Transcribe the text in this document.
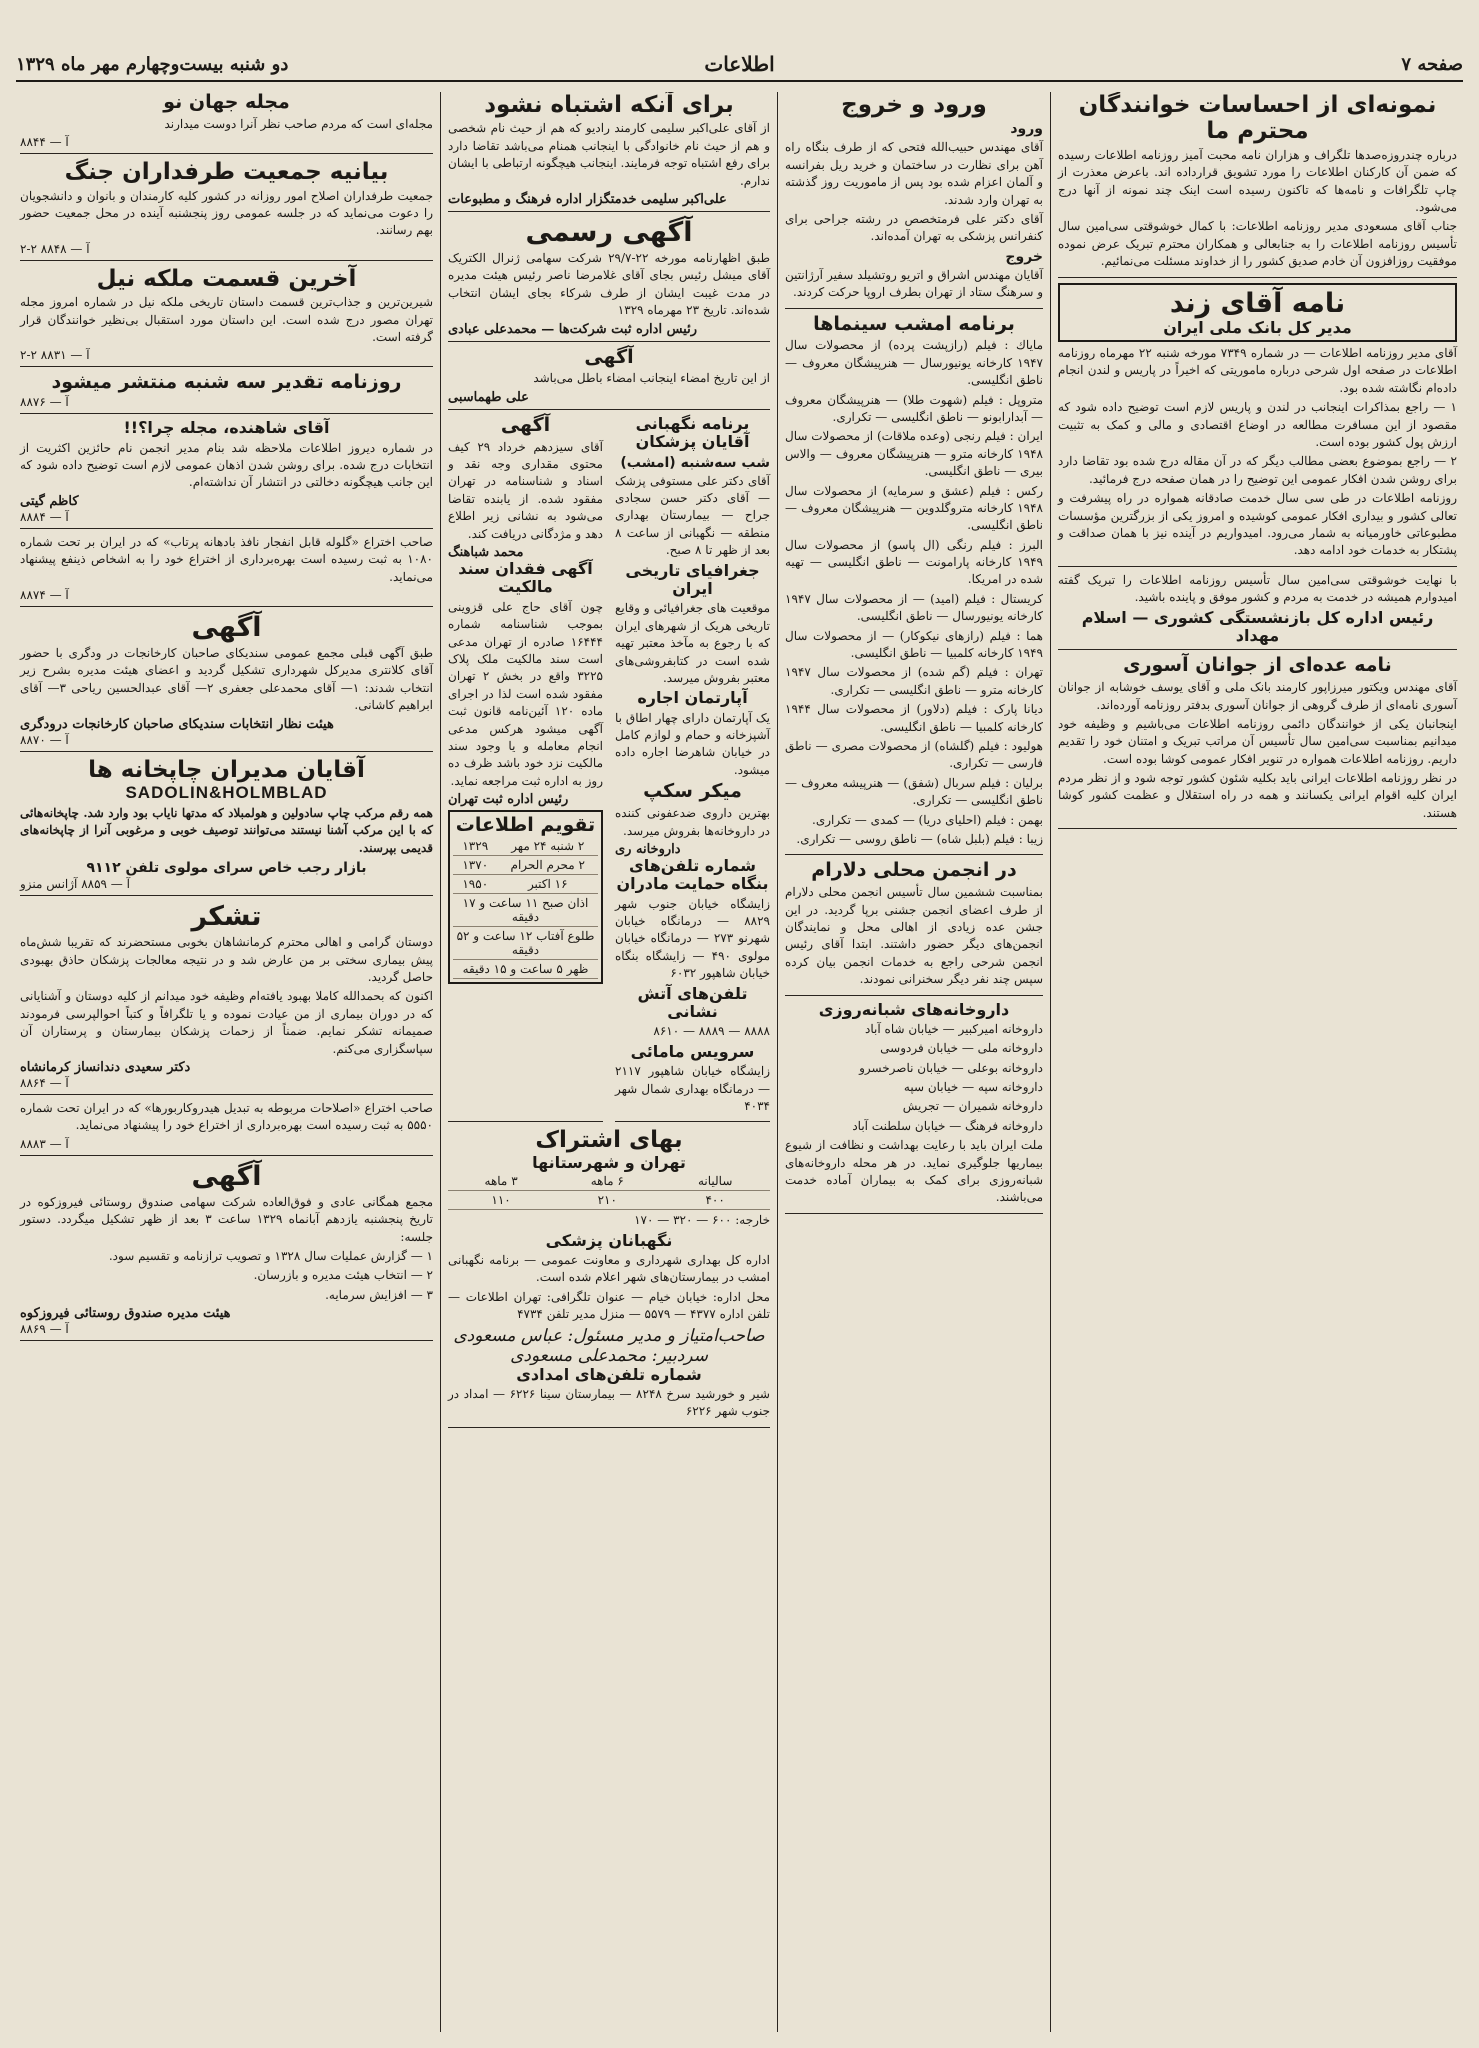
صفحه ۷
اطلاعات
دو شنبه بیست‌وچهارم مهر ماه ۱۳۲۹
نمونه‌ای از احساسات خوانندگان محترم ما
درباره چندروز‌ه‌صد‌ها تلگراف و هزاران نامه محبت آمیز روزنامه اطلاعات رسیده که ضمن آن کارکنان اطلاعات را مورد تشویق قرارداده اند. باعرض معذرت از چاپ تلگرافات و نامه‌ها که تاکنون رسیده است اینک چند نمونه از آنها درج می‌شود.
جناب آقای مسعودی مدیر روزنامه اطلاعات: با کمال خوشوقتی سی‌امین سال تأسیس روزنامه اطلاعات را به جنابعالی و همکاران محترم تبریک عرض نموده موفقیت روزافزون آن خادم صدیق کشور را از خداوند مسئلت می‌نمائیم.
نامه آقای زند
مدیر کل بانک ملی ایران
آقای مدیر روزنامه اطلاعات — در شماره ۷۳۴۹ مورخه شنبه ۲۲ مهرماه روزنامه اطلاعات در صفحه اول شرحی درباره ماموریتی که اخیراً در پاریس و لندن انجام داده‌ام نگاشته شده بود.
۱ — راجع بمذاکرات اینجانب در لندن و پاریس لازم است توضیح داده شود که مقصود از این مسافرت مطالعه در اوضاع اقتصادی و مالی و کمک به تثبیت ارزش پول کشور بوده است.
۲ — راجع بموضوع بعضی مطالب دیگر که در آن مقاله درج شده بود تقاضا دارد برای روشن شدن افکار عمومی این توضیح را در همان صفحه درج فرمائید.
روزنامه اطلاعات در طی سی سال خدمت صادقانه همواره در راه پیشرفت و تعالی کشور و بیداری افکار عمومی کوشیده و امروز یکی از بزرگترین مؤسسات مطبوعاتی خاورمیانه به شمار می‌رود. امیدواریم در آینده نیز با همان صداقت و پشتکار به خدمات خود ادامه دهد.
با نهایت خوشوقتی سی‌امین سال تأسیس روزنامه اطلاعات را تبریک گفته امیدوارم همیشه در خدمت به مردم و کشور موفق و پاینده باشید.
رئیس اداره کل بازنشستگی کشوری — اسلام مهداد
نامه عده‌ای از جوانان آسوری
آقای مهندس ویکتور میرزاپور کارمند بانک ملی و آقای یوسف خوشابه از جوانان آسوری نامه‌ای از طرف گروهی از جوانان آسوری بدفتر روزنامه آورده‌اند.
اینجانبان یکی از خوانندگان دائمی روزنامه اطلاعات می‌باشیم و وظیفه خود میدانیم بمناسبت سی‌امین سال تأسیس آن مراتب تبریک و امتنان خود را تقدیم داریم. روزنامه اطلاعات همواره در تنویر افکار عمومی کوشا بوده است.
در نظر روزنامه اطلاعات ایرانی باید بکلیه شئون کشور توجه شود و از نظر مردم ایران کلیه اقوام ایرانی یکسانند و همه در راه استقلال و عظمت کشور کوشا هستند.
ورود و خروج
ورود
آقای مهندس حبیب‌الله فتحی که از طرف بنگاه راه آهن برای نظارت در ساختمان و خرید ریل بفرانسه و آلمان اعزام شده بود پس از ماموریت روز گذشته به تهران وارد شدند.
آقای دکتر علی فرمتخصص در رشته جراحی برای کنفرانس پزشکی به تهران آمده‌اند.
خروج
آقایان مهندس اشراق و اتریو روتشیلد سفیر آرژانتین و سرهنگ ستاد از تهران بطرف اروپا حرکت کردند.
برنامه امشب سینماها
ماياك : فیلم (رازپشت پرده) از محصولات سال ۱۹۴۷ کارخانه یونیورسال — هنرپیشگان معروف — ناطق انگلیسی.
متروپل : فیلم (شهوت طلا) — هنرپیشگان معروف — آبدارابونو — ناطق انگلیسی — تکراری.
ایران : فیلم رنجی (وعده ملاقات) از محصولات سال ۱۹۴۸ کارخانه مترو — هنرپیشگان معروف — والاس بیری — ناطق انگلیسی.
رکس : فیلم (عشق و سرمایه) از محصولات سال ۱۹۴۸ کارخانه متروگلدوین — هنرپیشگان معروف — ناطق انگلیسی.
البرز : فیلم رنگی (ال پاسو) از محصولات سال ۱۹۴۹ کارخانه پارامونت — ناطق انگلیسی — تهیه شده در امریکا.
کریستال : فیلم (امید) — از محصولات سال ۱۹۴۷ کارخانه یونیورسال — ناطق انگلیسی.
هما : فیلم (رازهای نیکوکار) — از محصولات سال ۱۹۴۹ کارخانه کلمبیا — ناطق انگلیسی.
تهران : فیلم (گم شده) از محصولات سال ۱۹۴۷ کارخانه مترو — ناطق انگلیسی — تکراری.
دیانا پارک : فیلم (دلاور) از محصولات سال ۱۹۴۴ کارخانه کلمبیا — ناطق انگلیسی.
هولیود : فیلم (گلشاه) از محصولات مصری — ناطق فارسی — تکراری.
برلیان : فیلم سربال (شفق) — هنرپیشه معروف — ناطق انگلیسی — تکراری.
بهمن : فیلم (احلیای دریا) — کمدی — تکراری.
زیبا : فیلم (بلبل شاه) — ناطق روسی — تکراری.
در انجمن محلی دلارام
بمناسبت ششمین سال تأسیس انجمن محلی دلارام از طرف اعضای انجمن جشنی برپا گردید. در این جشن عده زیادی از اهالی محل و نمایندگان انجمن‌های دیگر حضور داشتند. ابتدا آقای رئیس انجمن شرحی راجع به خدمات انجمن بیان کرده سپس چند نفر دیگر سخنرانی نمودند.
داروخانه‌های شبانه‌روزی
داروخانه امیرکبیر — خیابان شاه آباد
داروخانه ملی — خیابان فردوسی
داروخانه بوعلی — خیابان ناصرخسرو
داروخانه سپه — خیابان سپه
داروخانه شمیران — تجریش
داروخانه فرهنگ — خیابان سلطنت آباد
ملت ایران باید با رعایت بهداشت و نظافت از شیوع بیماریها جلوگیری نماید. در هر محله داروخانه‌های شبانه‌روزی برای کمک به بیماران آماده خدمت می‌باشند.
برای آنکه اشتباه نشود
از آقای علی‌اکبر سلیمی کارمند رادیو که هم از حیث نام شخصی و هم از حیث نام خانوادگی با اینجانب همنام می‌باشد تقاضا دارد برای رفع اشتباه توجه فرمایند. اینجانب هیچگونه ارتباطی با ایشان ندارم.
علی‌اکبر سلیمی خدمتگزار اداره فرهنگ و مطبوعات
آگهی رسمی
طبق اظهارنامه مورخه ۲۲-۲۹/۷ شرکت سهامی ژنرال الکتریک آقای میشل رئیس بجای آقای غلامرضا ناصر رئیس هیئت مدیره در مدت غیبت ایشان از طرف شرکاء بجای ایشان انتخاب شده‌اند. تاریخ ۲۳ مهرماه ۱۳۲۹
رئیس اداره ثبت شرکت‌ها — محمدعلی عبادی
آگهی
از این تاریخ امضاء اینجانب امضاء باطل می‌باشد
علی طهماسبی
برنامه نگهبانی آقایان پزشکان
شب سه‌شنبه (امشب)
آقای دکتر علی مستوفی پزشک — آقای دکتر حسن سجادی جراح — بیمارستان بهداری منطقه — نگهبانی از ساعت ۸ بعد از ظهر تا ۸ صبح.
جغرافیای تاریخی ایران
موقعیت های جغرافیائی و وقایع تاریخی هریک از شهرهای ایران که با رجوع به مآخذ معتبر تهیه شده است در کتابفروشی‌های معتبر بفروش میرسد.
آپارتمان اجاره
یک آپارتمان دارای چهار اطاق با آشپزخانه و حمام و لوازم کامل در خیابان شاهرضا اجاره داده میشود.
میکر سکپ
بهترین داروی ضدعفونی کننده در داروخانه‌ها بفروش میرسد.
داروخانه ری
شماره تلفن‌های بنگاه حمایت مادران
زایشگاه خیابان جنوب شهر ۸۸۲۹ — درمانگاه خیابان شهرنو ۲۷۳ — درمانگاه خیابان مولوی ۴۹۰ — زایشگاه بنگاه خیابان شاهپور ۶۰۳۲
تلفن‌های آتش نشانی
۸۸۸۸ — ۸۸۸۹ — ۸۶۱۰
سرویس مامائی
زایشگاه خیابان شاهپور ۲۱۱۷ — درمانگاه بهداری شمال شهر ۴۰۳۴
آگهی
آقای سیزدهم خرداد ۲۹ کیف محتوی مقداری وجه نقد و اسناد و شناسنامه در تهران مفقود شده. از یابنده تقاضا می‌شود به نشانی زیر اطلاع دهد و مژدگانی دریافت کند.
محمد شباهنگ
آگهی فقدان سند مالکیت
چون آقای حاج علی قزوینی بموجب شناسنامه شماره ۱۶۴۴۴ صادره از تهران مدعی است سند مالکیت ملک پلاک ۳۲۲۵ واقع در بخش ۲ تهران مفقود شده است لذا در اجرای ماده ۱۲۰ آئین‌نامه قانون ثبت آگهی میشود هرکس مدعی انجام معامله و یا وجود سند مالکیت نزد خود باشد ظرف ده روز به اداره ثبت مراجعه نماید.
رئیس اداره ثبت تهران
تقویم اطلاعات
۲ شنبه ۲۴ مهر	۱۳۲۹
۲ محرم الحرام	۱۳۷۰
۱۶ اکتبر	۱۹۵۰
اذان صبح ۱۱ ساعت و ۱۷ دقیقه	
طلوع آفتاب ۱۲ ساعت و ۵۲ دقیقه	
ظهر ۵ ساعت و ۱۵ دقیقه	
بهای اشتراک
تهران و شهرستانها
سالیانه	۶ ماهه	۳ ماهه
۴۰۰	۲۱۰	۱۱۰
خارجه: ۶۰۰ — ۳۲۰ — ۱۷۰
نگهبانان پزشکی
اداره کل بهداری شهرداری و معاونت عمومی — برنامه نگهبانی امشب در بیمارستان‌های شهر اعلام شده است.
محل اداره: خیابان خیام — عنوان تلگرافی: تهران اطلاعات — تلفن اداره ۴۳۷۷ — ۵۵۷۹ — منزل مدیر تلفن ۴۷۳۴
صاحب‌امتیاز و مدیر مسئول: عباس مسعودی
سردبیر: محمدعلی مسعودی
شماره تلفن‌های امدادی
شیر و خورشید سرخ ۸۲۴۸ — بیمارستان سینا ۶۲۲۶ — امداد در جنوب شهر ۶۲۲۶
مجله جهان نو
مجله‌ای است که مردم صاحب نظر آنرا دوست میدارند
آ — ۸۸۴۴
بیانیه جمعیت طرفداران جنگ
جمعیت طرفداران اصلاح امور روزانه در کشور کلیه کارمندان و بانوان و دانشجویان را دعوت می‌نماید که در جلسه عمومی روز پنجشنبه آینده در محل جمعیت حضور بهم رسانند.
آ — ۸۸۴۸ ۲-۲
آخرین قسمت ملکه نیل
شیرین‌ترین و جذاب‌ترین قسمت داستان تاریخی ملکه نیل در شماره امروز مجله تهران مصور درج شده است. این داستان مورد استقبال بی‌نظیر خوانندگان قرار گرفته است.
آ — ۸۸۳۱ ۲-۲
روزنامه تقدیر سه شنبه منتشر میشود
آ — ۸۸۷۶
آقای شاهنده، مجله چرا؟!!
در شماره دیروز اطلاعات ملاحظه شد بنام مدیر انجمن نام حائزین اکثریت از انتخابات درج شده. برای روشن شدن اذهان عمومی لازم است توضیح داده شود که این جانب هیچگونه دخالتی در انتشار آن نداشته‌ام.
کاظم گیتی
آ — ۸۸۸۴
صاحب اختراع «گلوله قابل انفجار نافذ بادهانه پرتاب» که در ایران بر تحت شماره ۱۰۸۰ به ثبت رسیده است بهره‌برداری از اختراع خود را به اشخاص ذینفع پیشنهاد می‌نماید.
آ — ۸۸۷۴
آگهی
طبق آگهی قبلی مجمع عمومی سندیکای صاحبان کارخانجات در ودگری با حضور آقای کلانتری مدیرکل شهرداری تشکیل گردید و اعضای هیئت مدیره بشرح زیر انتخاب شدند: ۱— آقای محمدعلی جعفری ۲— آقای عبدالحسین ریاحی ۳— آقای ابراهیم کاشانی.
هیئت نظار انتخابات سندیکای صاحبان کارخانجات درودگری
آ — ۸۸۷۰
آقایان مدیران چاپخانه ها
SADOLIN&HOLMBLAD
همه رقم مرکب چاپ سادولین و هولمبلاد که مدتها نایاب بود وارد شد. چاپخانه‌هائی که با این مرکب آشنا نیستند می‌توانند توصیف خوبی و مرغوبی آنرا از چاپخانه‌های قدیمی بپرسند.
بازار رجب خاص سرای مولوی تلفن ۹۱۱۲
آ — ۸۸۵۹ آژانس منزو
تشکر
دوستان گرامی و اهالی محترم کرمانشاهان بخوبی مستحضرند که تقریبا شش‌ماه پیش بیماری سختی بر من عارض شد و در نتیجه معالجات پزشکان حاذق بهبودی حاصل گردید.
اکنون که بحمدالله کاملا بهبود یافته‌ام وظیفه خود میدانم از کلیه دوستان و آشنایانی که در دوران بیماری از من عیادت نموده و یا تلگرافاً و کتباً احوالپرسی فرمودند صمیمانه تشکر نمایم. ضمناً از زحمات پزشکان بیمارستان و پرستاران آن سپاسگزاری می‌کنم.
دکتر سعیدی دندانساز کرمانشاه
آ — ۸۸۶۴
صاحب اختراع «اصلاحات مربوطه به تبدیل هیدروکاربورها» که در ایران تحت شماره ۵۵۵۰ به ثبت رسیده است بهره‌برداری از اختراع خود را پیشنهاد می‌نماید.
آ — ۸۸۸۳
آگهی
مجمع همگانی عادی و فوق‌العاده شرکت سهامی صندوق روستائی فیروزکوه در تاریخ پنجشنبه یازدهم آبانماه ۱۳۲۹ ساعت ۳ بعد از ظهر تشکیل میگردد. دستور جلسه:
۱ — گزارش عملیات سال ۱۳۲۸ و تصویب ترازنامه و تقسیم سود.
۲ — انتخاب هیئت مدیره و بازرسان.
۳ — افزایش سرمایه.
هیئت مدیره صندوق روستائی فیروزکوه
آ — ۸۸۶۹
